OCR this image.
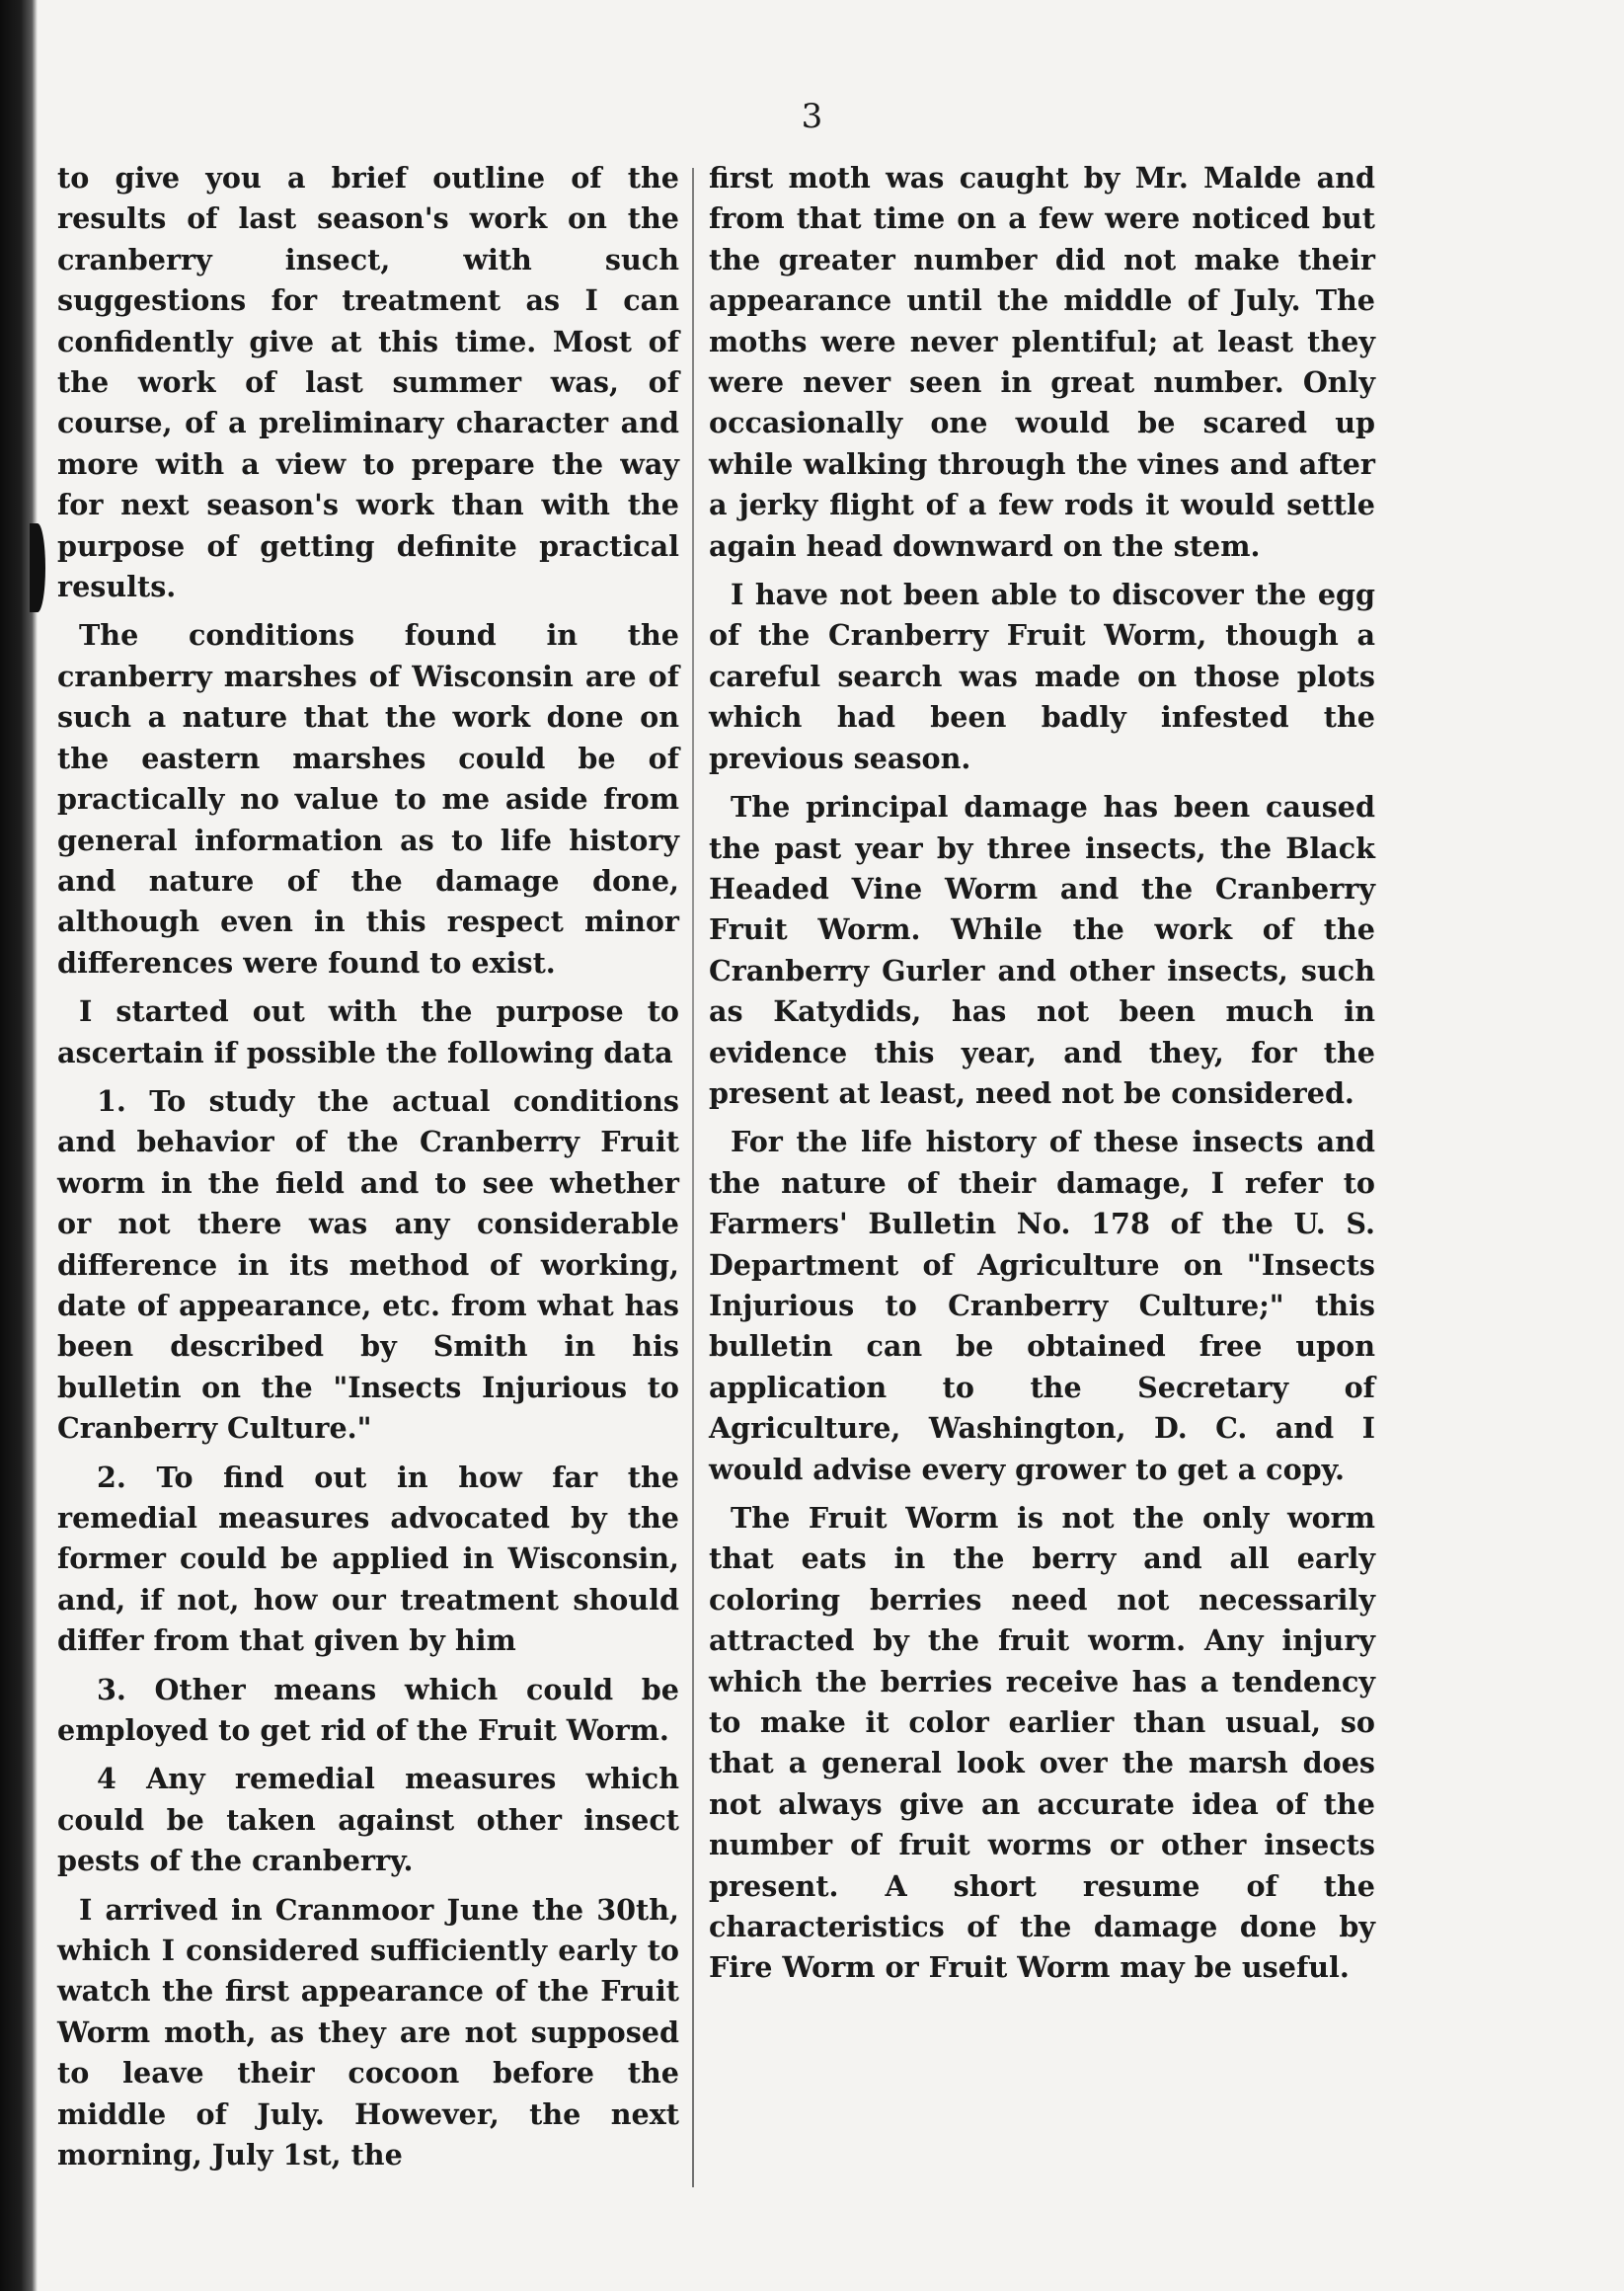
3

to give you a brief outline of the results of last season's work on the cranberry insect, with such suggestions for treatment as I can confidently give at this time. Most of the work of last summer was, of course, of a preliminary character and more with a view to prepare the way for next season's work than with the purpose of getting definite practical results.

The conditions found in the cranberry marshes of Wisconsin are of such a nature that the work done on the eastern marshes could be of practically no value to me aside from general information as to life history and nature of the damage done, although even in this respect minor differences were found to exist.

I started out with the purpose to ascertain if possible the following data

1. To study the actual conditions and behavior of the Cranberry Fruit worm in the field and to see whether or not there was any considerable difference in its method of working, date of appearance, etc. from what has been described by Smith in his bulletin on the "Insects Injurious to Cranberry Culture."

2. To find out in how far the remedial measures advocated by the former could be applied in Wisconsin, and, if not, how our treatment should differ from that given by him

3. Other means which could be employed to get rid of the Fruit Worm.

4 Any remedial measures which could be taken against other insect pests of the cranberry.

I arrived in Cranmoor June the 30th, which I considered sufficiently early to watch the first appearance of the Fruit Worm moth, as they are not supposed to leave their cocoon before the middle of July. However, the next morning, July 1st, the

first moth was caught by Mr. Malde and from that time on a few were noticed but the greater number did not make their appearance until the middle of July. The moths were never plentiful; at least they were never seen in great number. Only occasionally one would be scared up while walking through the vines and after a jerky flight of a few rods it would settle again head downward on the stem.

I have not been able to discover the egg of the Cranberry Fruit Worm, though a careful search was made on those plots which had been badly infested the previous season.

The principal damage has been caused the past year by three insects, the Black Headed Vine Worm and the Cranberry Fruit Worm. While the work of the Cranberry Gurler and other insects, such as Katydids, has not been much in evidence this year, and they, for the present at least, need not be considered.

For the life history of these insects and the nature of their damage, I refer to Farmers' Bulletin No. 178 of the U. S. Department of Agriculture on "Insects Injurious to Cranberry Culture;" this bulletin can be obtained free upon application to the Secretary of Agriculture, Washington, D. C. and I would advise every grower to get a copy.

The Fruit Worm is not the only worm that eats in the berry and all early coloring berries need not necessarily attracted by the fruit worm. Any injury which the berries receive has a tendency to make it color earlier than usual, so that a general look over the marsh does not always give an accurate idea of the number of fruit worms or other insects present. A short resume of the characteristics of the damage done by Fire Worm or Fruit Worm may be useful.
